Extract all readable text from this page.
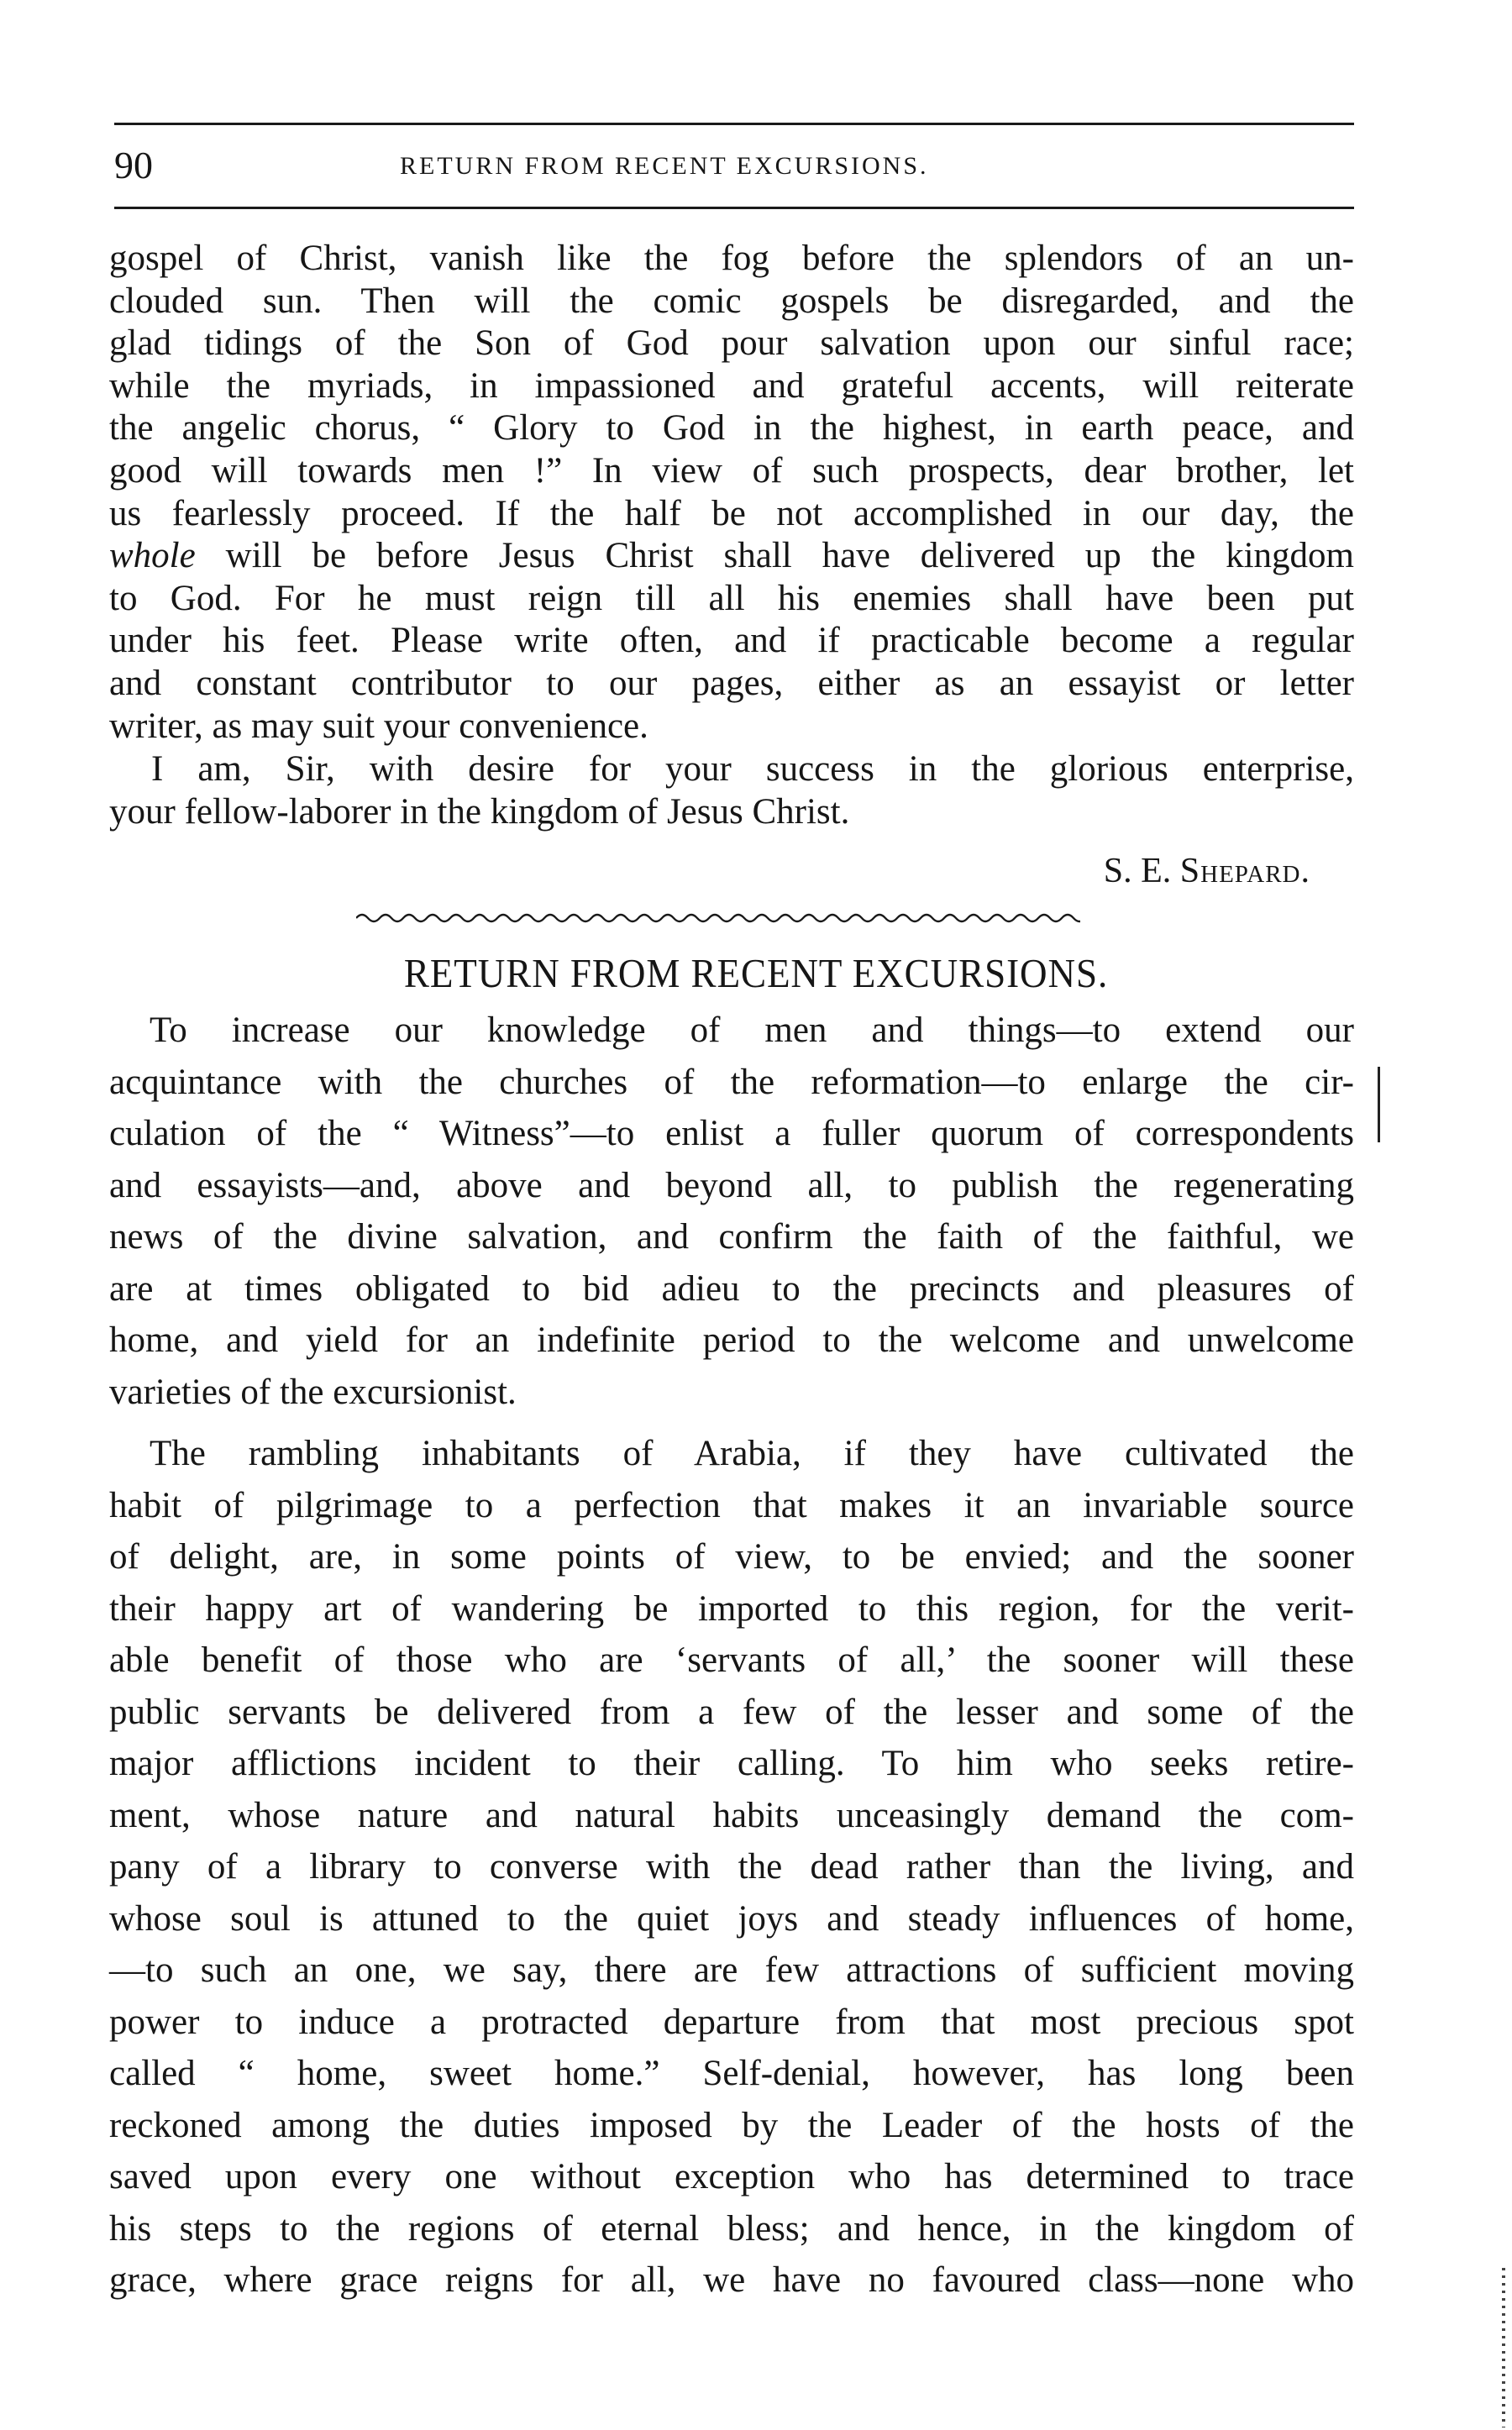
90	RETURN FROM RECENT EXCURSIONS.
gospel of Christ, vanish like the fog before the splendors of an un-
clouded sun. Then will the comic gospels be disregarded, and the
glad tidings of the Son of God pour salvation upon our sinful race;
while the myriads, in impassioned and grateful accents, will reiterate
the angelic chorus, “ Glory to God in the highest, in earth peace, and
good will towards men !” In view of such prospects, dear brother, let
us fearlessly proceed. If the half be not accomplished in our day, the
whole will be before Jesus Christ shall have delivered up the kingdom
to God. For he must reign till all his enemies shall have been put
under his feet. Please write often, and if practicable become a regular
and constant contributor to our pages, either as an essayist or letter
writer, as may suit your convenience.
I am, Sir, with desire for your success in the glorious enterprise,
your fellow-laborer in the kingdom of Jesus Christ.
S. E. Shepard.
RETURN FROM RECENT EXCURSIONS.
To increase our knowledge of men and things—to extend our
acquintance with the churches of the reformation—to enlarge the cir-
culation of the “ Witness”—to enlist a fuller quorum of correspondents
and essayists—and, above and beyond all, to publish the regenerating
news of the divine salvation, and confirm the faith of the faithful, we
are at times obligated to bid adieu to the precincts and pleasures of
home, and yield for an indefinite period to the welcome and unwelcome
varieties of the excursionist.
The rambling inhabitants of Arabia, if they have cultivated the
habit of pilgrimage to a perfection that makes it an invariable source
of delight, are, in some points of view, to be envied; and the sooner
their happy art of wandering be imported to this region, for the verit-
able benefit of those who are ‘servants of all,’ the sooner will these
public servants be delivered from a few of the lesser and some of the
major afflictions incident to their calling. To him who seeks retire-
ment, whose nature and natural habits unceasingly demand the com-
pany of a library to converse with the dead rather than the living, and
whose soul is attuned to the quiet joys and steady influences of home,
—to such an one, we say, there are few attractions of sufficient moving
power to induce a protracted departure from that most precious spot
called “ home, sweet home.” Self-denial, however, has long been
reckoned among the duties imposed by the Leader of the hosts of the
saved upon every one without exception who has determined to trace
his steps to the regions of eternal bless; and hence, in the kingdom of
grace, where grace reigns for all, we have no favoured class—none who
